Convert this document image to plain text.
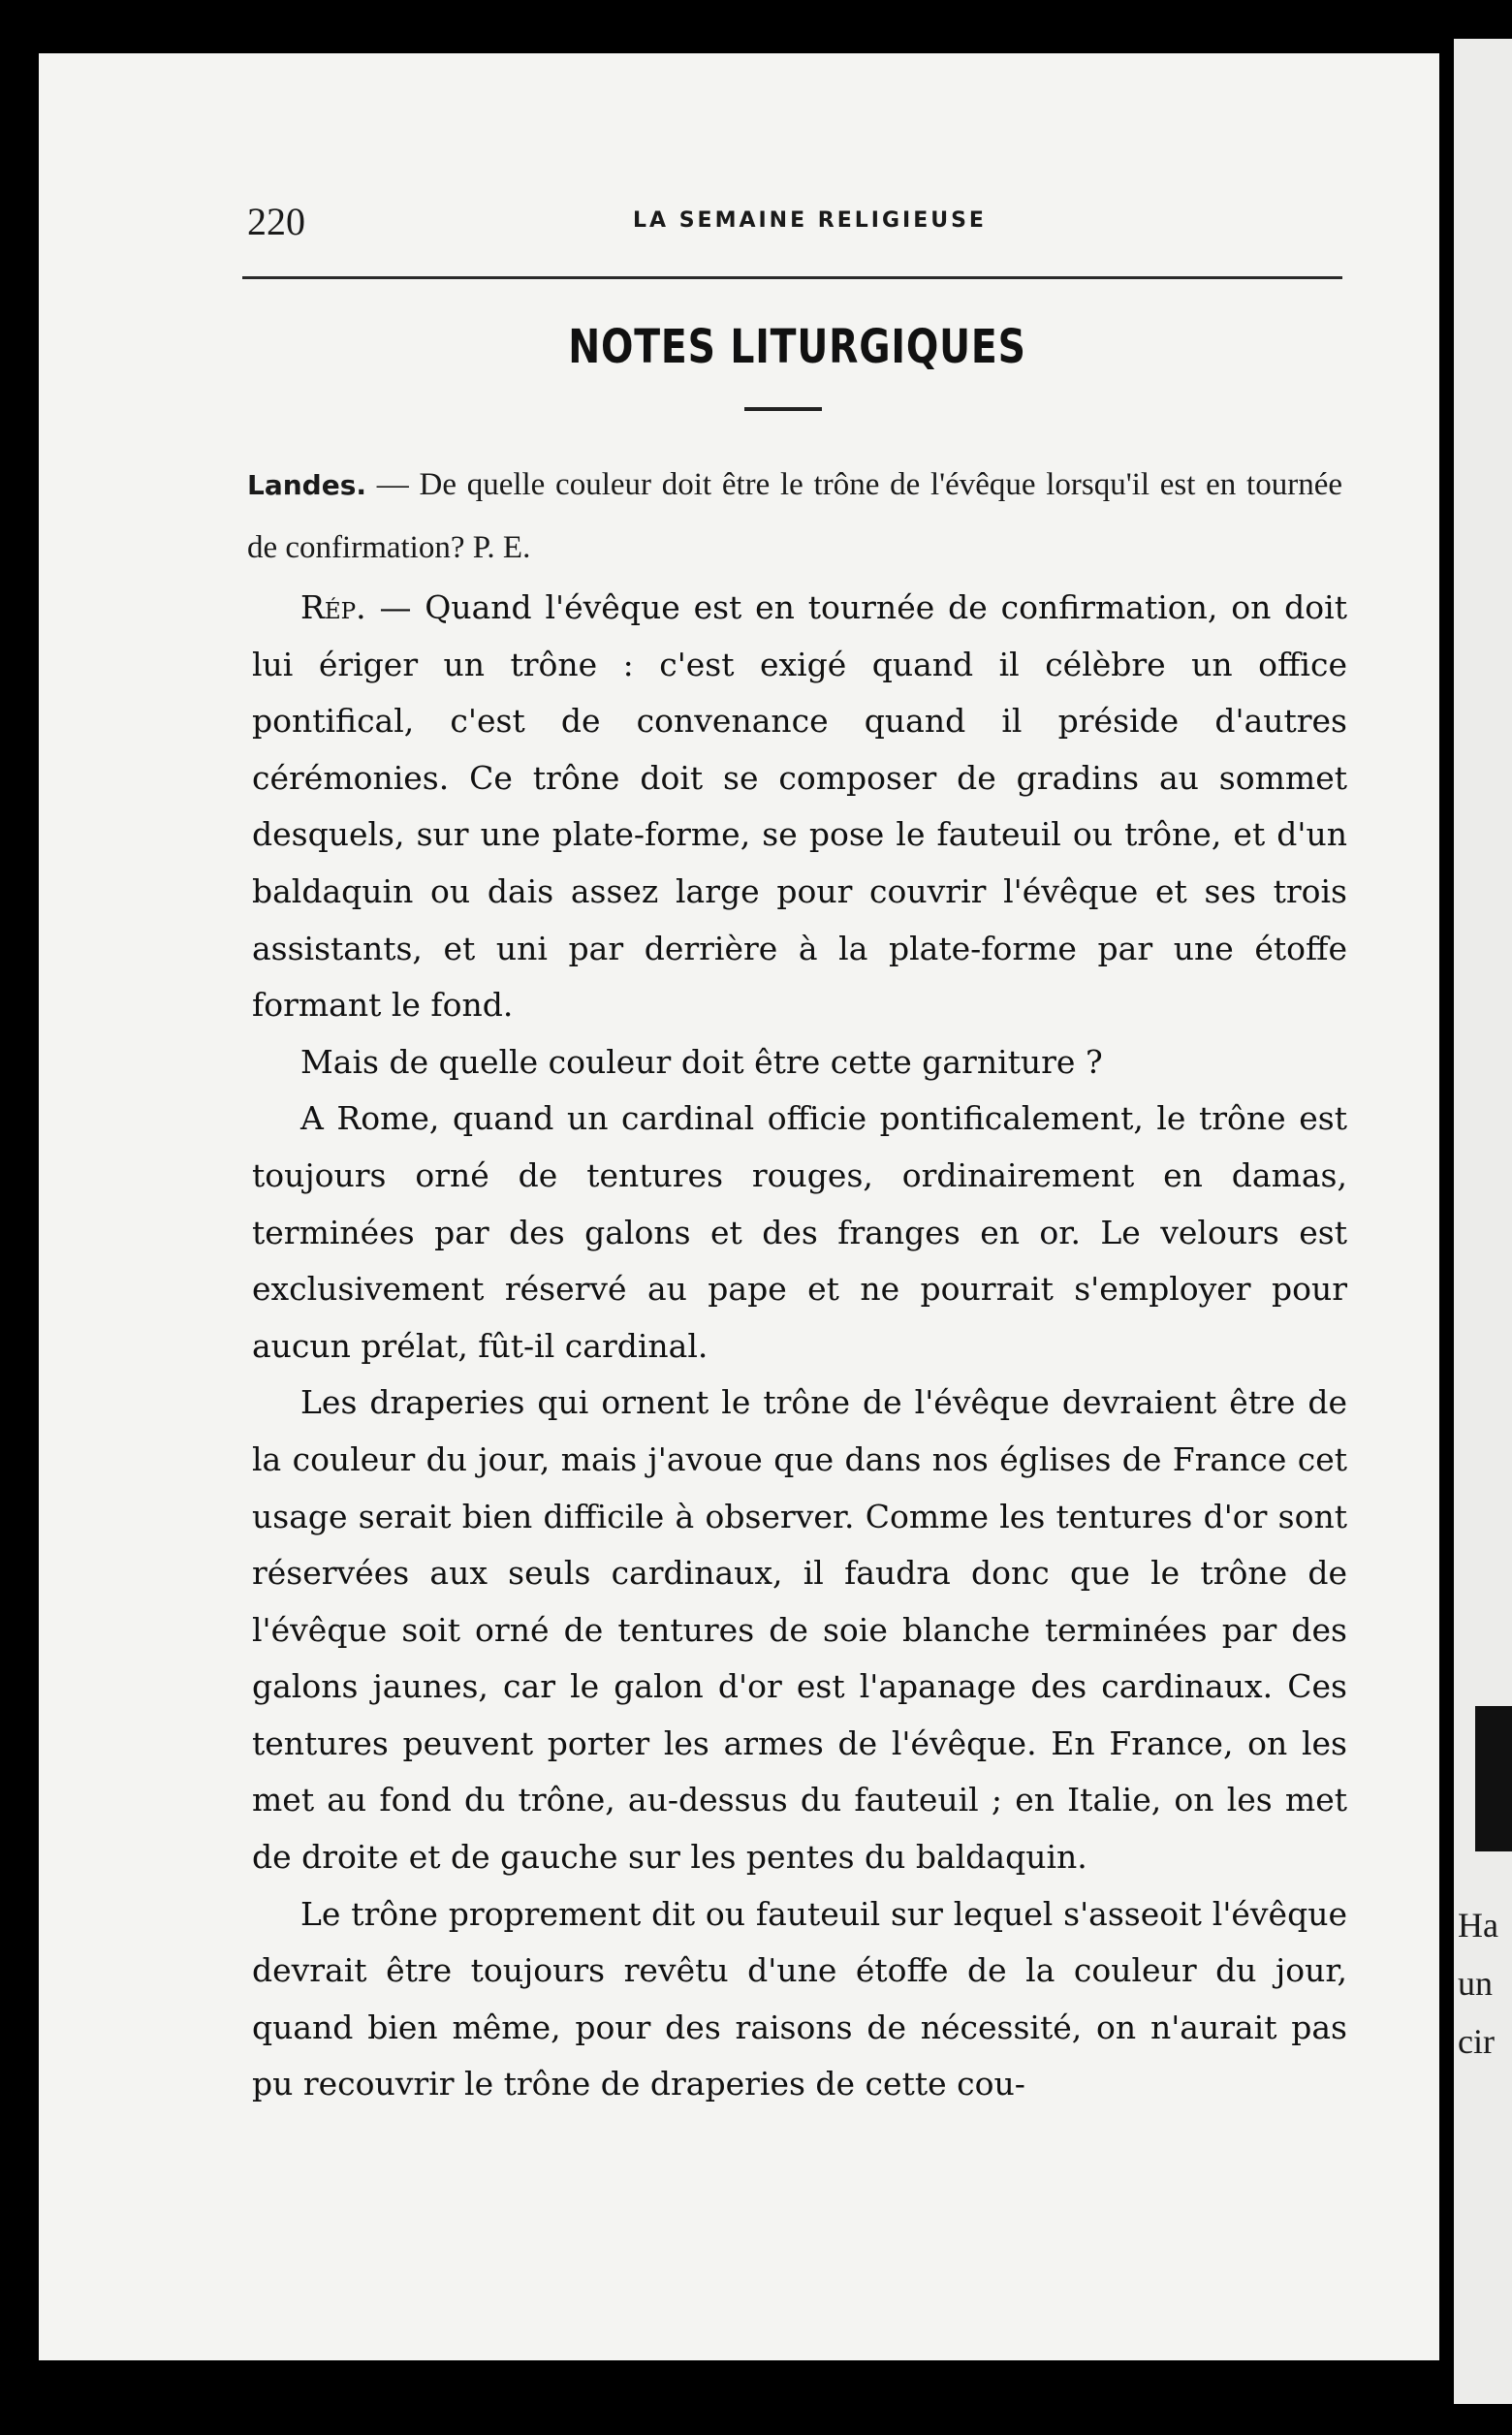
Ha
un
cir
220	LA SEMAINE RELIGIEUSE
NOTES LITURGIQUES
Landes. — De quelle couleur doit être le trône de l'évêque lorsqu'il est en tournée de confirmation? P. E.

Rép. — Quand l'évêque est en tournée de confirmation, on doit lui ériger un trône : c'est exigé quand il célèbre un office pontifical, c'est de convenance quand il préside d'autres cérémonies. Ce trône doit se composer de gradins au sommet desquels, sur une plate-forme, se pose le fauteuil ou trône, et d'un baldaquin ou dais assez large pour couvrir l'évêque et ses trois assistants, et uni par derrière à la plate-forme par une étoffe formant le fond.

Mais de quelle couleur doit être cette garniture ?

A Rome, quand un cardinal officie pontificalement, le trône est toujours orné de tentures rouges, ordinairement en damas, terminées par des galons et des franges en or. Le velours est exclusivement réservé au pape et ne pourrait s'employer pour aucun prélat, fût-il cardinal.

Les draperies qui ornent le trône de l'évêque devraient être de la couleur du jour, mais j'avoue que dans nos églises de France cet usage serait bien difficile à observer. Comme les tentures d'or sont réservées aux seuls cardinaux, il faudra donc que le trône de l'évêque soit orné de tentures de soie blanche terminées par des galons jaunes, car le galon d'or est l'apanage des cardinaux. Ces tentures peuvent porter les armes de l'évêque. En France, on les met au fond du trône, au-dessus du fauteuil ; en Italie, on les met de droite et de gauche sur les pentes du baldaquin.

Le trône proprement dit ou fauteuil sur lequel s'asseoit l'évêque devrait être toujours revêtu d'une étoffe de la couleur du jour, quand bien même, pour des raisons de nécessité, on n'aurait pas pu recouvrir le trône de draperies de cette cou-
